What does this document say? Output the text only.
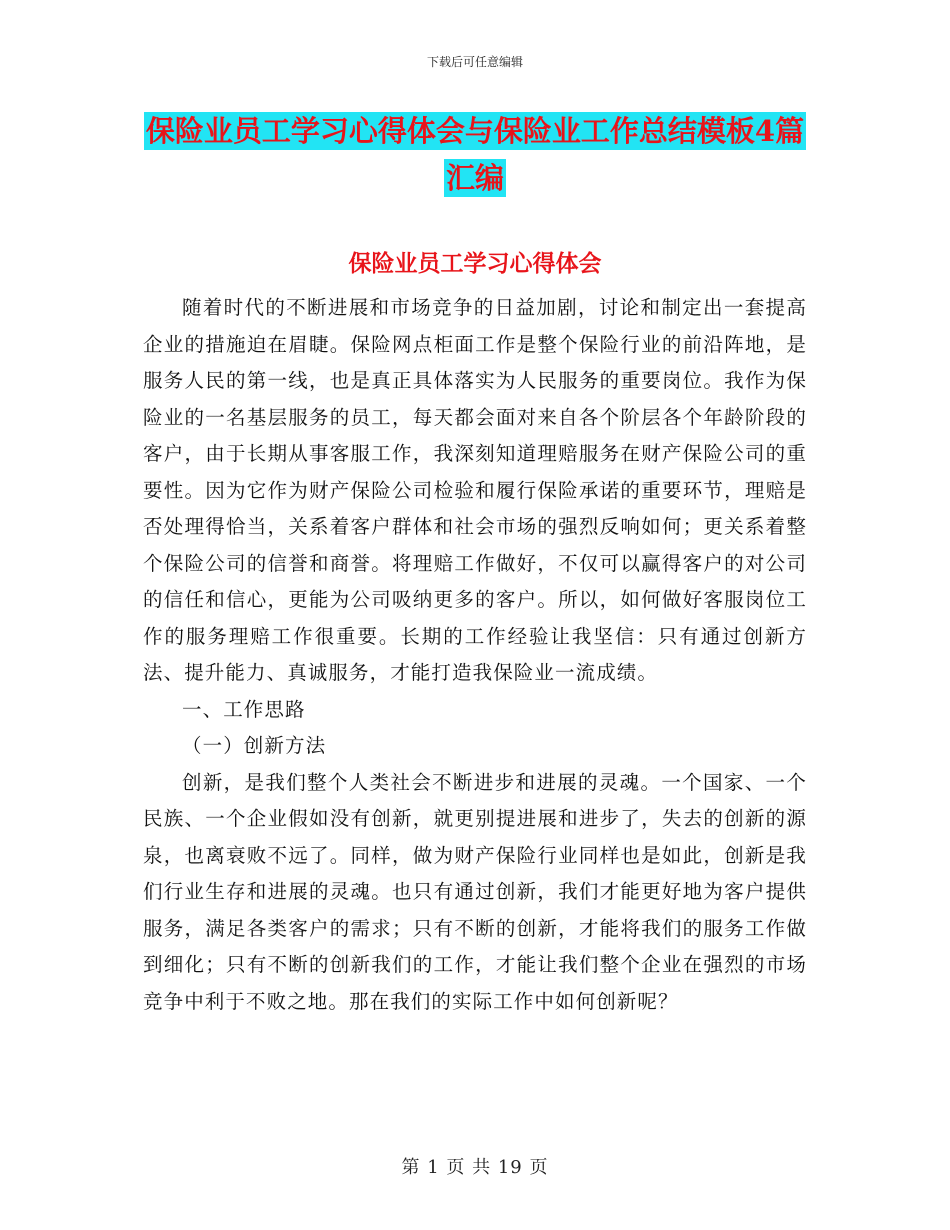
下载后可任意编辑
保险业员工学习心得体会与保险业工作总结模板4篇
汇编
保险业员工学习心得体会

随着时代的不断进展和市场竞争的日益加剧，讨论和制定出一套提高企业的措施迫在眉睫。保险网点柜面工作是整个保险行业的前沿阵地，是服务人民的第一线，也是真正具体落实为人民服务的重要岗位。我作为保险业的一名基层服务的员工，每天都会面对来自各个阶层各个年龄阶段的客户，由于长期从事客服工作，我深刻知道理赔服务在财产保险公司的重要性。因为它作为财产保险公司检验和履行保险承诺的重要环节，理赔是否处理得恰当，关系着客户群体和社会市场的强烈反响如何；更关系着整个保险公司的信誉和商誉。将理赔工作做好，不仅可以赢得客户的对公司的信任和信心，更能为公司吸纳更多的客户。所以，如何做好客服岗位工作的服务理赔工作很重要。长期的工作经验让我坚信：只有通过创新方法、提升能力、真诚服务，才能打造我保险业一流成绩。

一、工作思路

（一）创新方法

创新，是我们整个人类社会不断进步和进展的灵魂。一个国家、一个民族、一个企业假如没有创新，就更别提进展和进步了，失去的创新的源泉，也离衰败不远了。同样，做为财产保险行业同样也是如此，创新是我们行业生存和进展的灵魂。也只有通过创新，我们才能更好地为客户提供服务，满足各类客户的需求；只有不断的创新，才能将我们的服务工作做到细化；只有不断的创新我们的工作，才能让我们整个企业在强烈的市场竞争中利于不败之地。那在我们的实际工作中如何创新呢？

第 1 页 共 19 页
